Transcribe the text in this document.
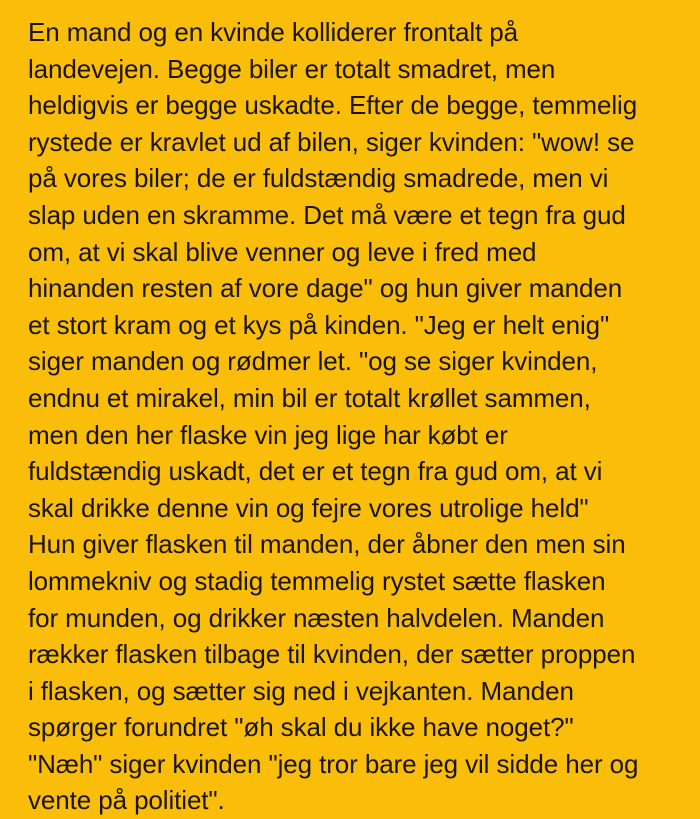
En mand og en kvinde kolliderer frontalt på
landevejen. Begge biler er totalt smadret, men
heldigvis er begge uskadte. Efter de begge, temmelig
rystede er kravlet ud af bilen, siger kvinden: "wow! se
på vores biler; de er fuldstændig smadrede, men vi
slap uden en skramme. Det må være et tegn fra gud
om, at vi skal blive venner og leve i fred med
hinanden resten af vore dage" og hun giver manden
et stort kram og et kys på kinden. "Jeg er helt enig"
siger manden og rødmer let. "og se siger kvinden,
endnu et mirakel, min bil er totalt krøllet sammen,
men den her flaske vin jeg lige har købt er
fuldstændig uskadt, det er et tegn fra gud om, at vi
skal drikke denne vin og fejre vores utrolige held"
Hun giver flasken til manden, der åbner den men sin
lommekniv og stadig temmelig rystet sætte flasken
for munden, og drikker næsten halvdelen. Manden
rækker flasken tilbage til kvinden, der sætter proppen
i flasken, og sætter sig ned i vejkanten. Manden
spørger forundret "øh skal du ikke have noget?"
"Næh" siger kvinden "jeg tror bare jeg vil sidde her og
vente på politiet".
